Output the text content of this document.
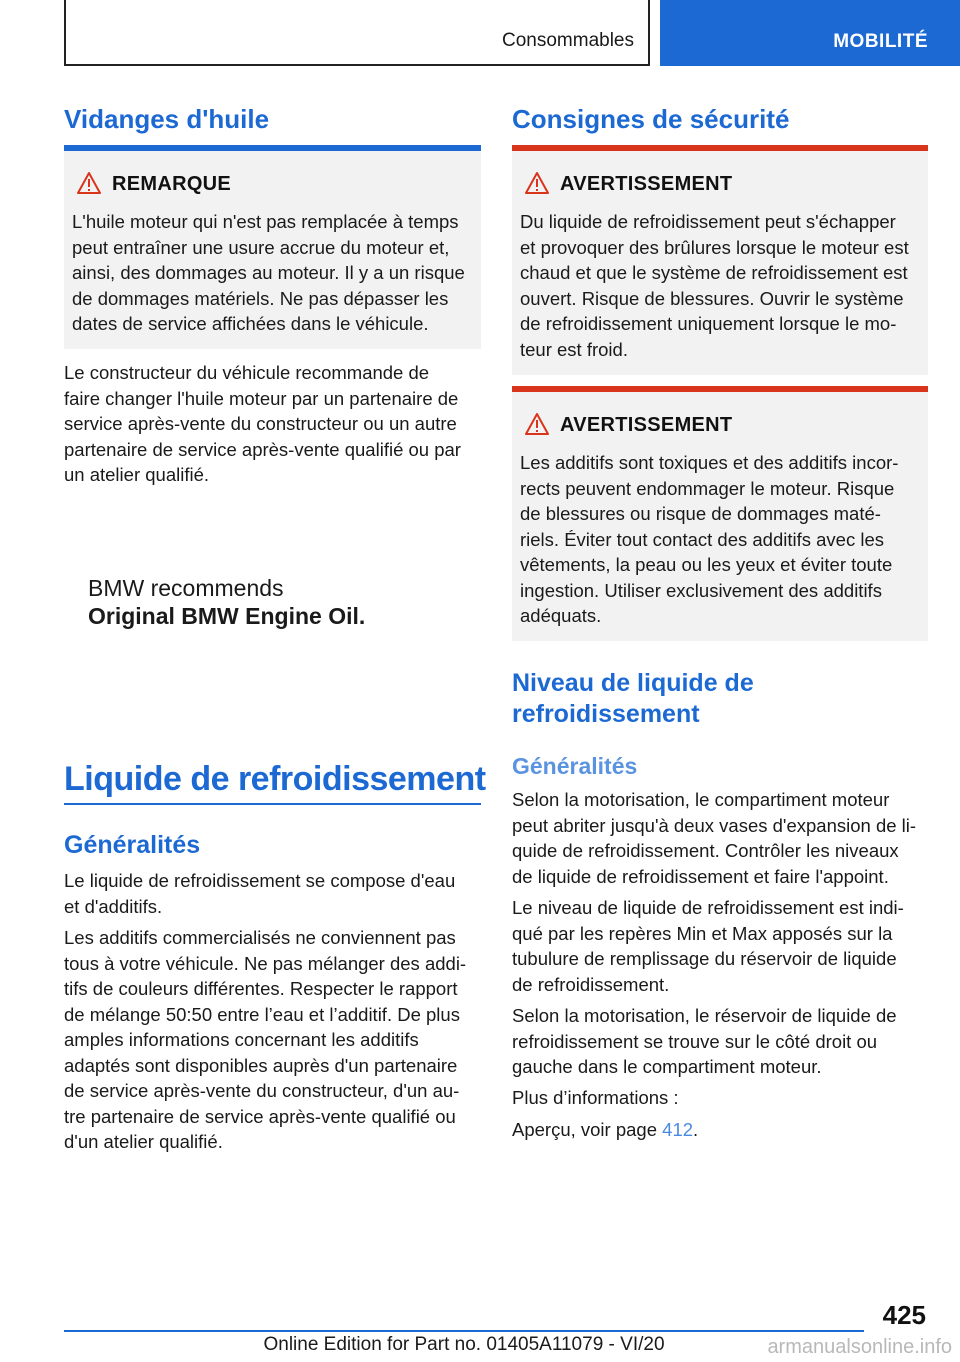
Consommables	MOBILITÉ
Vidanges d'huile
REMARQUE
L'huile moteur qui n'est pas remplacée à temps
peut entraîner une usure accrue du moteur et,
ainsi, des dommages au moteur. Il y a un risque
de dommages matériels. Ne pas dépasser les
dates de service affichées dans le véhicule.
Le constructeur du véhicule recommande de
faire changer l'huile moteur par un partenaire de
service après-vente du constructeur ou un autre
partenaire de service après-vente qualifié ou par
un atelier qualifié.
BMW recommends
Original BMW Engine Oil.
Liquide de refroidissement
Généralités
Le liquide de refroidissement se compose d'eau
et d'additifs.
Les additifs commercialisés ne conviennent pas
tous à votre véhicule. Ne pas mélanger des addi-
tifs de couleurs différentes. Respecter le rapport
de mélange 50:50 entre l’eau et l’additif. De plus
amples informations concernant les additifs
adaptés sont disponibles auprès d'un partenaire
de service après-vente du constructeur, d'un au-
tre partenaire de service après-vente qualifié ou
d'un atelier qualifié.
Consignes de sécurité
AVERTISSEMENT
Du liquide de refroidissement peut s'échapper
et provoquer des brûlures lorsque le moteur est
chaud et que le système de refroidissement est
ouvert. Risque de blessures. Ouvrir le système
de refroidissement uniquement lorsque le mo-
teur est froid.
AVERTISSEMENT
Les additifs sont toxiques et des additifs incor-
rects peuvent endommager le moteur. Risque
de blessures ou risque de dommages maté-
riels. Éviter tout contact des additifs avec les
vêtements, la peau ou les yeux et éviter toute
ingestion. Utiliser exclusivement des additifs
adéquats.
Niveau de liquide de
refroidissement
Généralités
Selon la motorisation, le compartiment moteur
peut abriter jusqu'à deux vases d'expansion de li-
quide de refroidissement. Contrôler les niveaux
de liquide de refroidissement et faire l'appoint.
Le niveau de liquide de refroidissement est indi-
qué par les repères Min et Max apposés sur la
tubulure de remplissage du réservoir de liquide
de refroidissement.
Selon la motorisation, le réservoir de liquide de
refroidissement se trouve sur le côté droit ou
gauche dans le compartiment moteur.
Plus d’informations :
Aperçu, voir page 412.
425
Online Edition for Part no. 01405A11079 - VI/20	armanualsonline.info
